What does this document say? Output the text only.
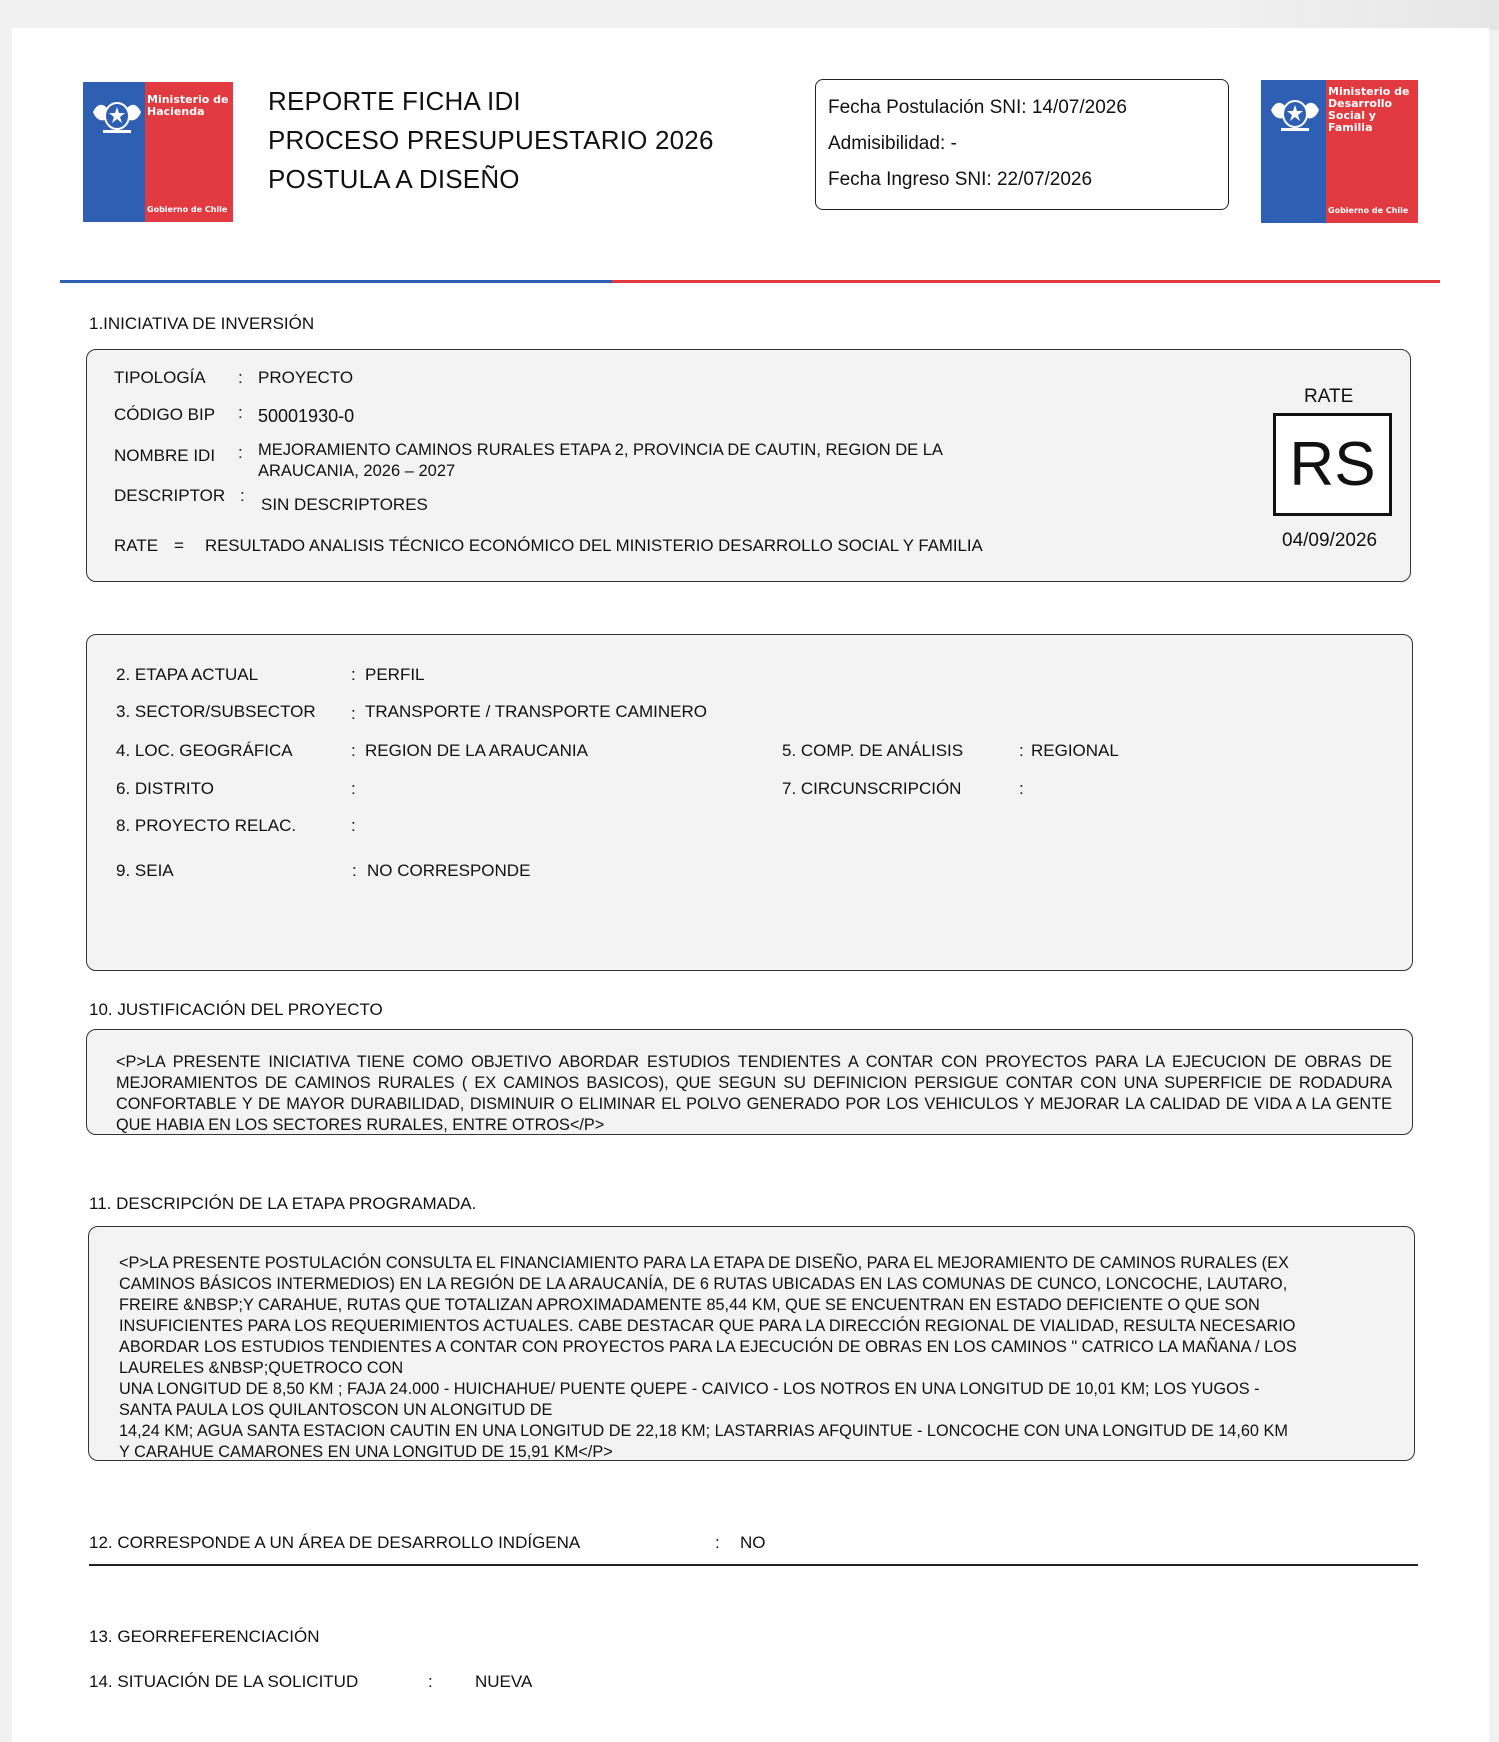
Ministerio de
Hacienda
Gobierno de Chile
REPORTE FICHA IDI
PROCESO PRESUPUESTARIO 2026
POSTULA A DISEÑO
Fecha Postulación SNI: 14/07/2026
Admisibilidad: -
Fecha Ingreso SNI: 22/07/2026
Ministerio de
Desarrollo
Social y
Familia
Gobierno de Chile
1.INICIATIVA DE INVERSIÓN
TIPOLOGÍA : PROYECTO
CÓDIGO BIP : 50001930-0
NOMBRE IDI : MEJORAMIENTO CAMINOS RURALES ETAPA 2, PROVINCIA DE CAUTIN, REGION DE LA
ARAUCANIA, 2026 – 2027
DESCRIPTOR : SIN DESCRIPTORES
RATE = RESULTADO ANALISIS TÉCNICO ECONÓMICO DEL MINISTERIO DESARROLLO SOCIAL Y FAMILIA
RATE
RS
04/09/2026
2. ETAPA ACTUAL	: PERFIL
3. SECTOR/SUBSECTOR : TRANSPORTE / TRANSPORTE CAMINERO
4. LOC. GEOGRÁFICA	: REGION DE LA ARAUCANIA	5. COMP. DE ANÁLISIS	: REGIONAL
6. DISTRITO	:	7. CIRCUNSCRIPCIÓN	:
8. PROYECTO RELAC.	:
9. SEIA	: NO CORRESPONDE
10. JUSTIFICACIÓN DEL PROYECTO
<P>LA PRESENTE INICIATIVA TIENE COMO OBJETIVO ABORDAR ESTUDIOS TENDIENTES A CONTAR CON PROYECTOS PARA LA EJECUCION DE OBRAS DE MEJORAMIENTOS DE CAMINOS RURALES ( EX CAMINOS BASICOS), QUE SEGUN SU DEFINICION PERSIGUE CONTAR CON UNA SUPERFICIE DE RODADURA CONFORTABLE Y DE MAYOR DURABILIDAD, DISMINUIR O ELIMINAR EL POLVO GENERADO POR LOS VEHICULOS Y MEJORAR LA CALIDAD DE VIDA A LA GENTE QUE HABIA EN LOS SECTORES RURALES, ENTRE OTROS</P>
11. DESCRIPCIÓN DE LA ETAPA PROGRAMADA.
<P>LA PRESENTE POSTULACIÓN CONSULTA EL FINANCIAMIENTO PARA LA ETAPA DE DISEÑO, PARA EL MEJORAMIENTO DE CAMINOS RURALES (EX
CAMINOS BÁSICOS INTERMEDIOS) EN LA REGIÓN DE LA ARAUCANÍA, DE 6 RUTAS UBICADAS EN LAS COMUNAS DE CUNCO, LONCOCHE, LAUTARO,
FREIRE &NBSP;Y CARAHUE, RUTAS QUE TOTALIZAN APROXIMADAMENTE 85,44 KM, QUE SE ENCUENTRAN EN ESTADO DEFICIENTE O QUE SON
INSUFICIENTES PARA LOS REQUERIMIENTOS ACTUALES. CABE DESTACAR QUE PARA LA DIRECCIÓN REGIONAL DE VIALIDAD, RESULTA NECESARIO
ABORDAR LOS ESTUDIOS TENDIENTES A CONTAR CON PROYECTOS PARA LA EJECUCIÓN DE OBRAS EN LOS CAMINOS " CATRICO LA MAÑANA / LOS
LAURELES &NBSP;QUETROCO CON
UNA LONGITUD DE 8,50 KM ; FAJA 24.000 - HUICHAHUE/ PUENTE QUEPE - CAIVICO - LOS NOTROS EN UNA LONGITUD DE 10,01 KM; LOS YUGOS -
SANTA PAULA LOS QUILANTOSCON UN ALONGITUD DE
14,24 KM; AGUA SANTA ESTACION CAUTIN EN UNA LONGITUD DE 22,18 KM; LASTARRIAS AFQUINTUE - LONCOCHE CON UNA LONGITUD DE 14,60 KM
Y CARAHUE CAMARONES EN UNA LONGITUD DE 15,91 KM</P>
12. CORRESPONDE A UN ÁREA DE DESARROLLO INDÍGENA	: NO
13. GEORREFERENCIACIÓN
14. SITUACIÓN DE LA SOLICITUD	: NUEVA
